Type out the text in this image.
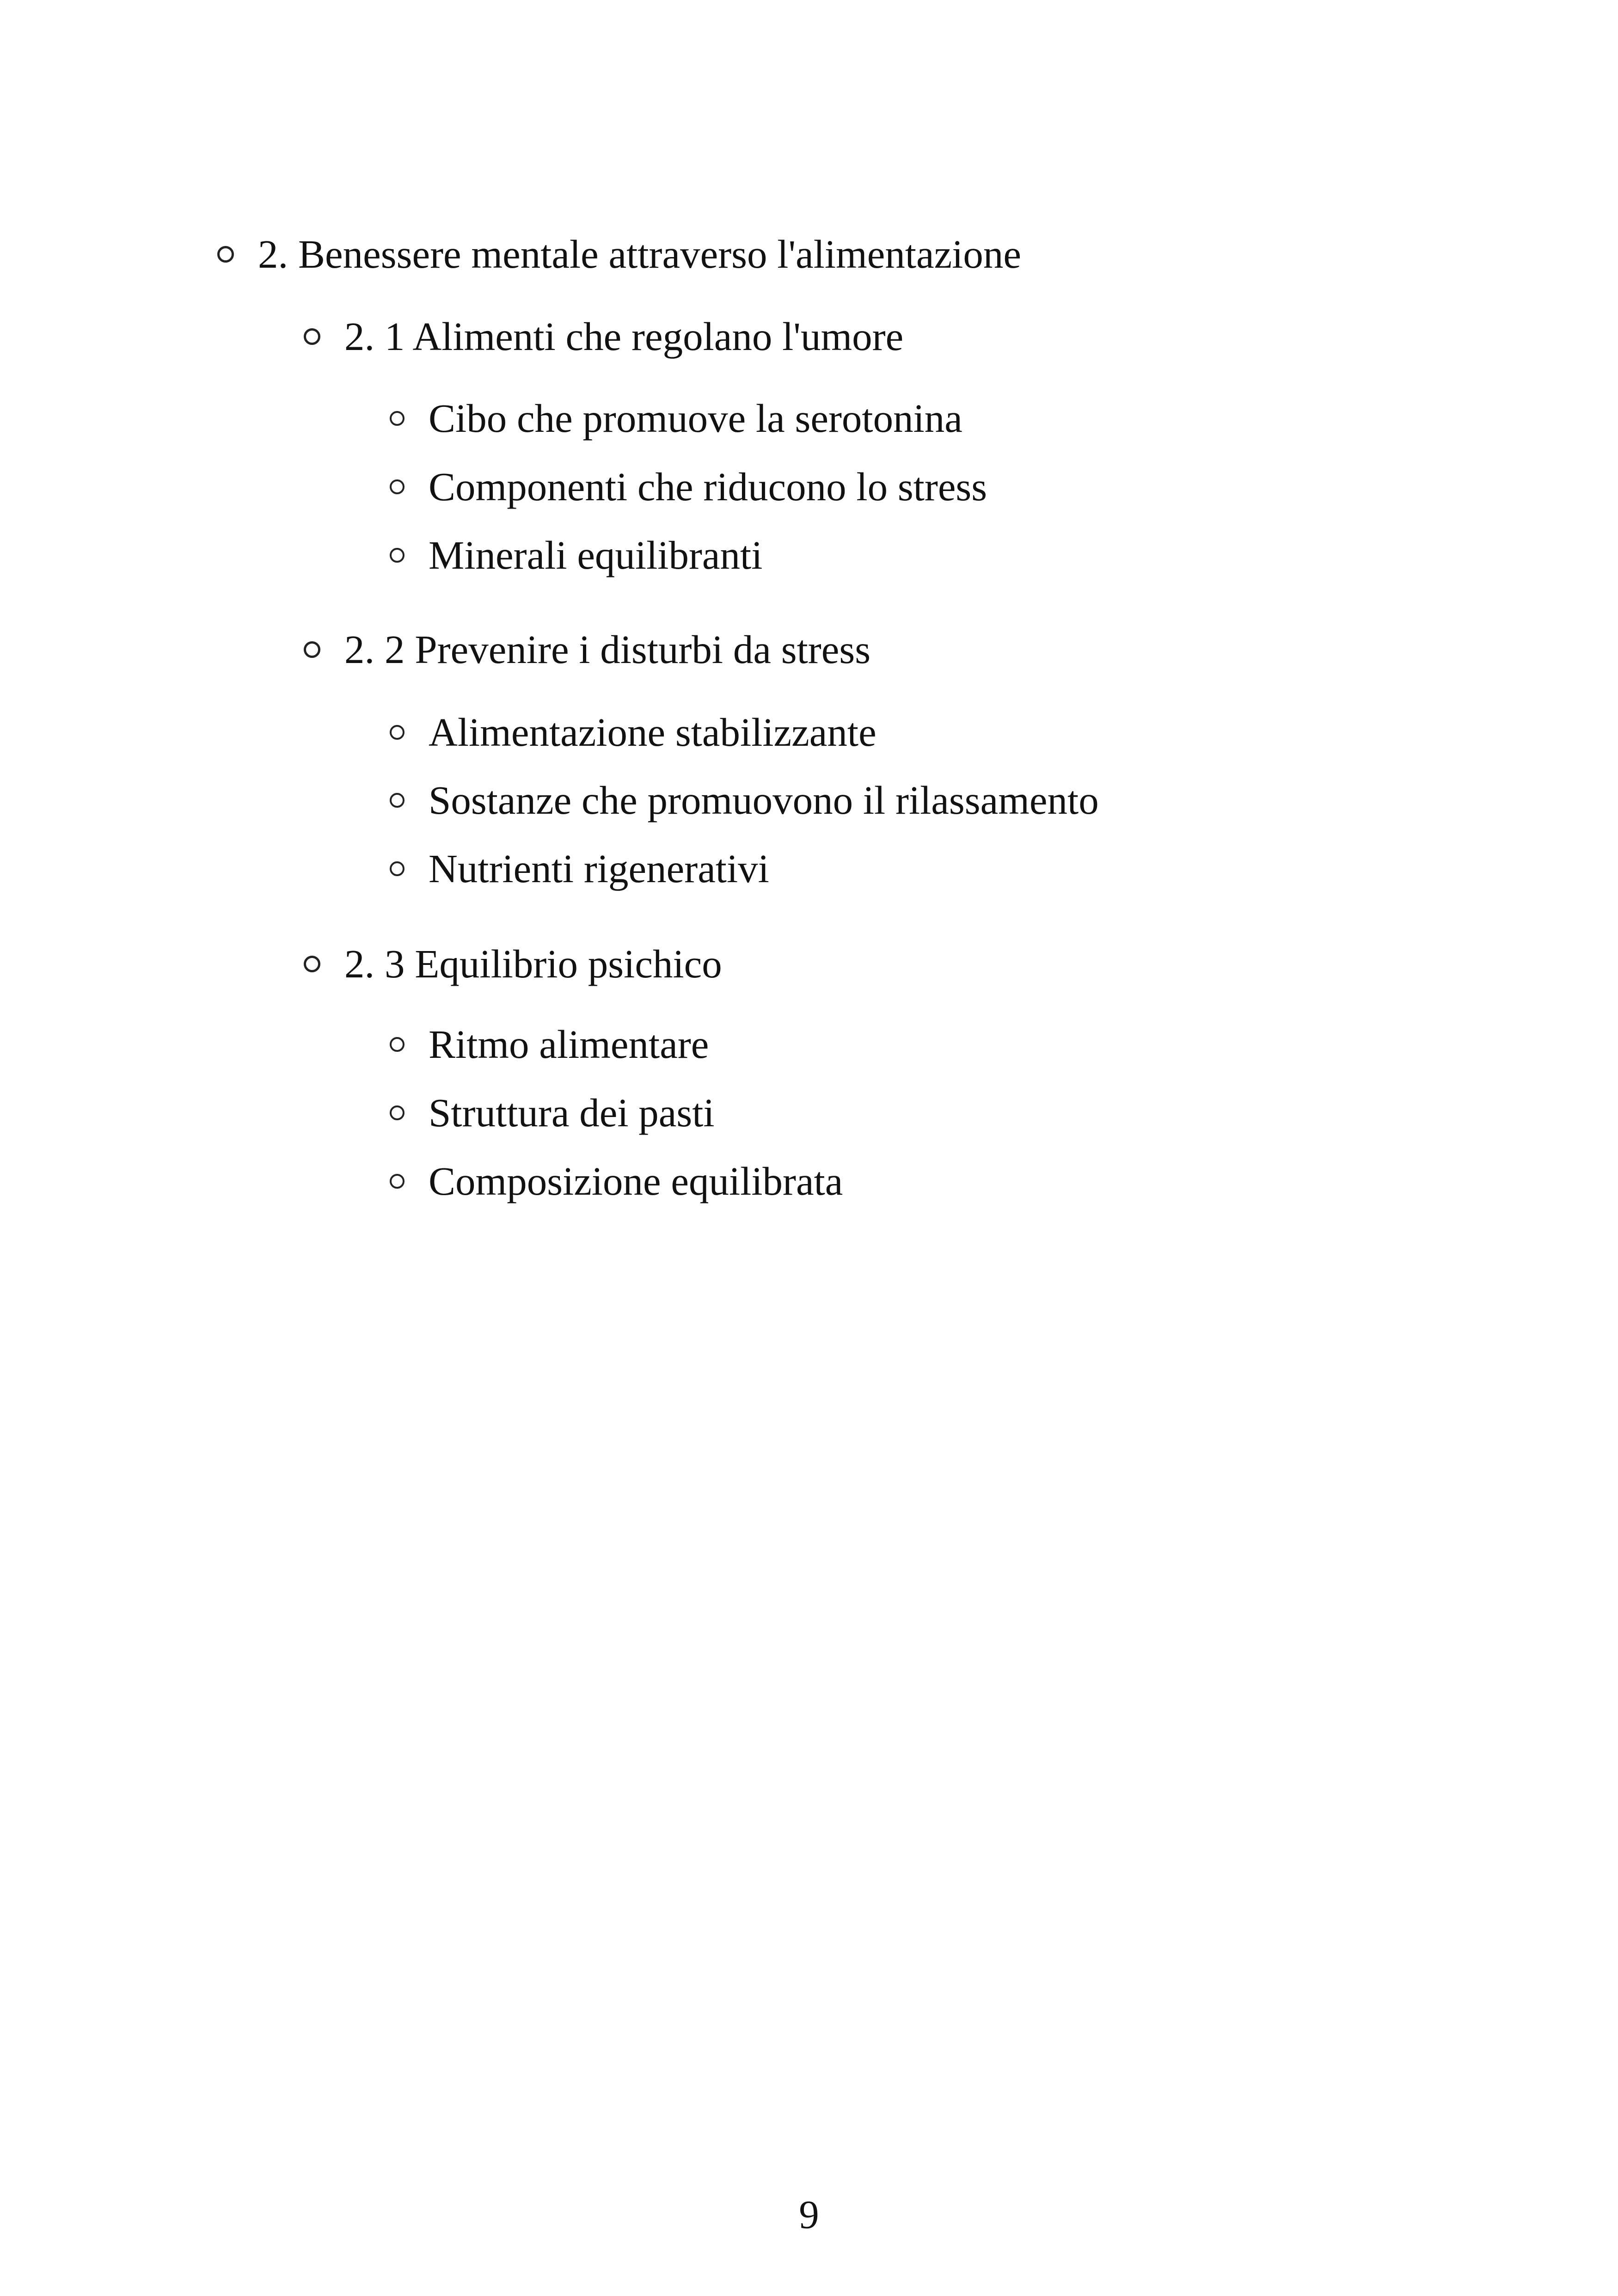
2. Benessere mentale attraverso l'alimentazione
2. 1 Alimenti che regolano l'umore
Cibo che promuove la serotonina
Componenti che riducono lo stress
Minerali equilibranti
2. 2 Prevenire i disturbi da stress
Alimentazione stabilizzante
Sostanze che promuovono il rilassamento
Nutrienti rigenerativi
2. 3 Equilibrio psichico
Ritmo alimentare
Struttura dei pasti
Composizione equilibrata
9
